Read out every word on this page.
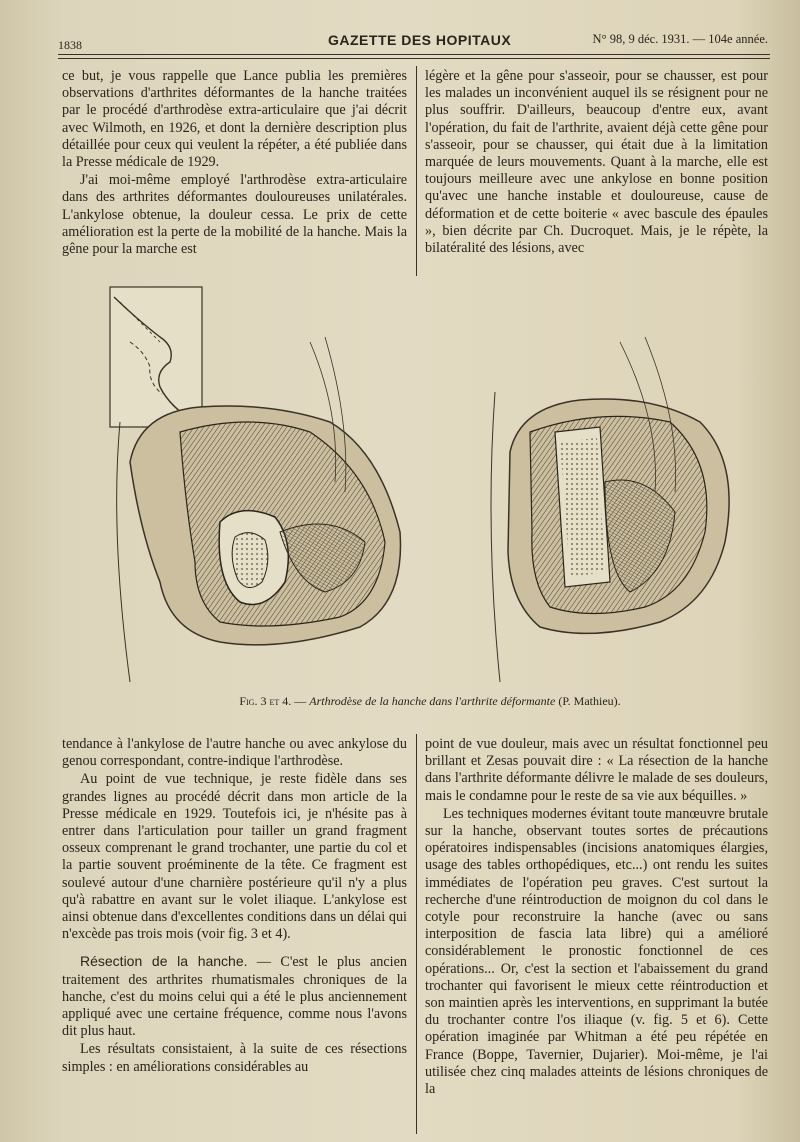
1838	GAZETTE DES HOPITAUX	N° 98, 9 déc. 1931. — 104e année.

ce but, je vous rappelle que Lance publia les premières observations d'arthrites déformantes de la hanche traitées par le procédé d'arthrodèse extra-articulaire que j'ai décrit avec Wilmoth, en 1926, et dont la dernière description plus détaillée pour ceux qui veulent la répéter, a été publiée dans la Presse médicale de 1929.

J'ai moi-même employé l'arthrodèse extra-articulaire dans des arthrites déformantes douloureuses unilatérales. L'ankylose obtenue, la douleur cessa. Le prix de cette amélioration est la perte de la mobilité de la hanche. Mais la gêne pour la marche est

légère et la gêne pour s'asseoir, pour se chausser, est pour les malades un inconvénient auquel ils se résignent pour ne plus souffrir. D'ailleurs, beaucoup d'entre eux, avant l'opération, du fait de l'arthrite, avaient déjà cette gêne pour s'asseoir, pour se chausser, qui était due à la limitation marquée de leurs mouvements. Quant à la marche, elle est toujours meilleure avec une ankylose en bonne position qu'avec une hanche instable et douloureuse, cause de déformation et de cette boiterie « avec bascule des épaules », bien décrite par Ch. Ducroquet. Mais, je le répète, la bilatéralité des lésions, avec

Fig. 3 et 4. — Arthrodèse de la hanche dans l'arthrite déformante (P. Mathieu).

tendance à l'ankylose de l'autre hanche ou avec ankylose du genou correspondant, contre-indique l'arthrodèse.

Au point de vue technique, je reste fidèle dans ses grandes lignes au procédé décrit dans mon article de la Presse médicale en 1929. Toutefois ici, je n'hésite pas à entrer dans l'articulation pour tailler un grand fragment osseux comprenant le grand trochanter, une partie du col et la partie souvent proéminente de la tête. Ce fragment est soulevé autour d'une charnière postérieure qu'il n'y a plus qu'à rabattre en avant sur le volet iliaque. L'ankylose est ainsi obtenue dans d'excellentes conditions dans un délai qui n'excède pas trois mois (voir fig. 3 et 4).

Résection de la hanche. — C'est le plus ancien traitement des arthrites rhumatismales chroniques de la hanche, c'est du moins celui qui a été le plus anciennement appliqué avec une certaine fréquence, comme nous l'avons dit plus haut.

Les résultats consistaient, à la suite de ces résections simples : en améliorations considérables au

point de vue douleur, mais avec un résultat fonctionnel peu brillant et Zesas pouvait dire : « La résection de la hanche dans l'arthrite déformante délivre le malade de ses douleurs, mais le condamne pour le reste de sa vie aux béquilles. »

Les techniques modernes évitant toute manœuvre brutale sur la hanche, observant toutes sortes de précautions opératoires indispensables (incisions anatomiques élargies, usage des tables orthopédiques, etc...) ont rendu les suites immédiates de l'opération peu graves. C'est surtout la recherche d'une réintroduction de moignon du col dans le cotyle pour reconstruire la hanche (avec ou sans interposition de fascia lata libre) qui a amélioré considérablement le pronostic fonctionnel de ces opérations... Or, c'est la section et l'abaissement du grand trochanter qui favorisent le mieux cette réintroduction et son maintien après les interventions, en supprimant la butée du trochanter contre l'os iliaque (v. fig. 5 et 6). Cette opération imaginée par Whitman a été peu répétée en France (Boppe, Tavernier, Dujarier). Moi-même, je l'ai utilisée chez cinq malades atteints de lésions chroniques de la
